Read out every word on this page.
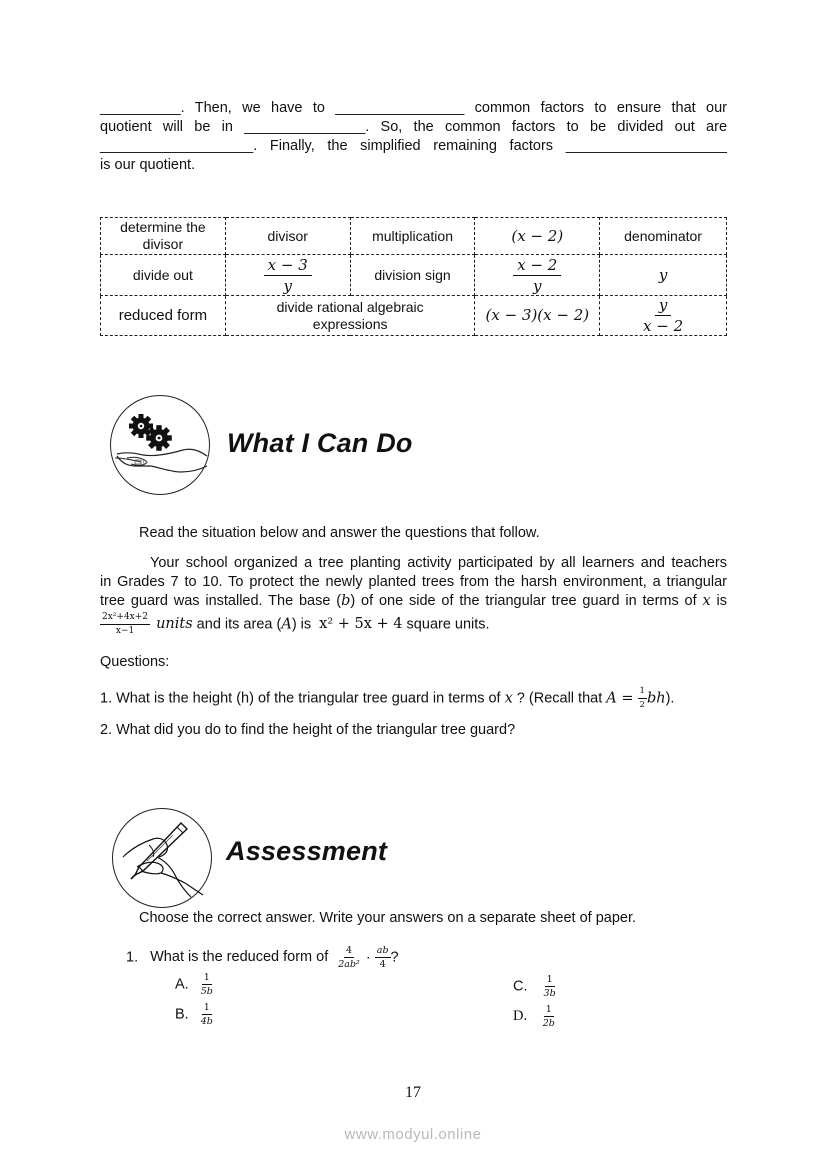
__________. Then, we have to ________________ common factors to ensure that our
quotient will be in _______________. So, the common factors to be divided out are
___________________. Finally, the simplified remaining factors ____________________
is our quotient.
determine the divisor	divisor	multiplication	(x − 2)	denominator
divide out	$\frac{x - 3}{y}$	division sign	$\frac{x - 2}{y}$	y
reduced form	divide rational algebraic expressions		(x − 3)(x − 2)	$\frac{y}{x - 2}$
What I Can Do
Read the situation below and answer the questions that follow.
Your school organized a tree planting activity participated by all learners and teachers
in Grades 7 to 10. To protect the newly planted trees from the harsh environment, a triangular
tree guard was installed. The base (b) of one side of the triangular tree guard in terms of x is
$\frac{\text{2x²+4x+2}}{x-1}$ units and its area (A) is x² + 5x + 4 square units.
Questions:
1. What is the height (h) of the triangular tree guard in terms of x ? (Recall that $A = \frac{1}{2} bh$).
2. What did you do to find the height of the triangular tree guard?
Assessment
Choose the correct answer. Write your answers on a separate sheet of paper.
1. What is the reduced form of $\frac{4}{\text{2ab²}} \cdot \frac{ab}{4}$ ?
A. $\frac{1}{5b}$
B. $\frac{1}{4b}$
C. $\frac{1}{3b}$
D. $\frac{1}{2b}$
17
www.modyul.online
